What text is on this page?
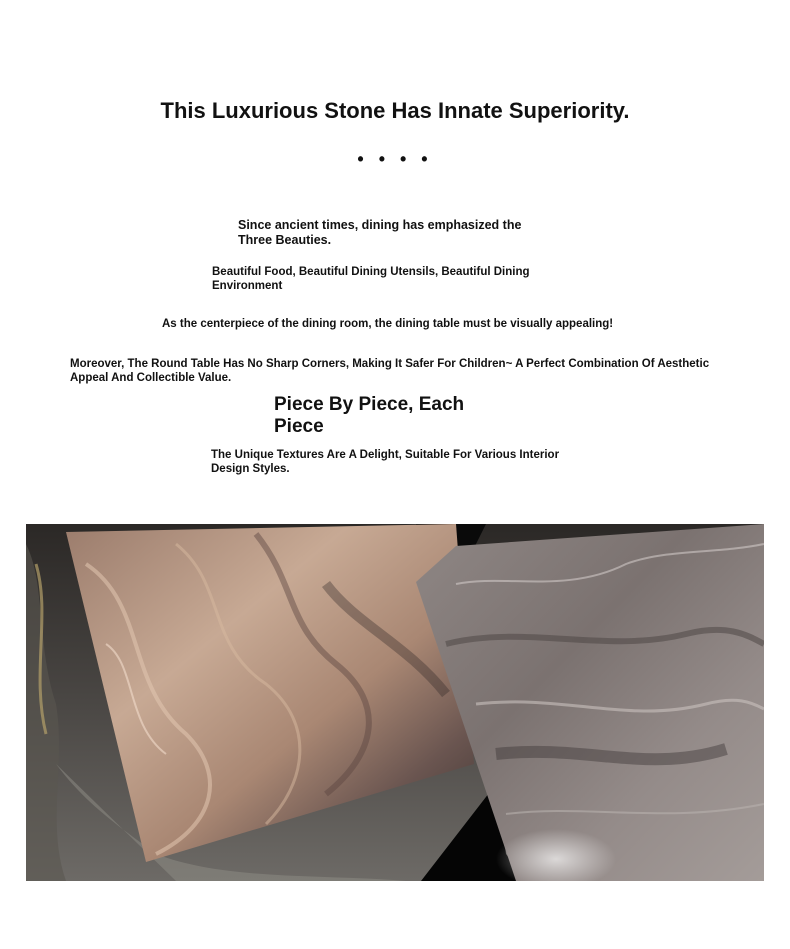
This Luxurious Stone Has Innate Superiority.
• • • •
Since ancient times, dining has emphasized the Three Beauties.
Beautiful Food, Beautiful Dining Utensils, Beautiful Dining Environment
As the centerpiece of the dining room, the dining table must be visually appealing!
Moreover, The Round Table Has No Sharp Corners, Making It Safer For Children~ A Perfect Combination Of Aesthetic Appeal And Collectible Value.
Piece By Piece, Each Piece
The Unique Textures Are A Delight, Suitable For Various Interior Design Styles.
